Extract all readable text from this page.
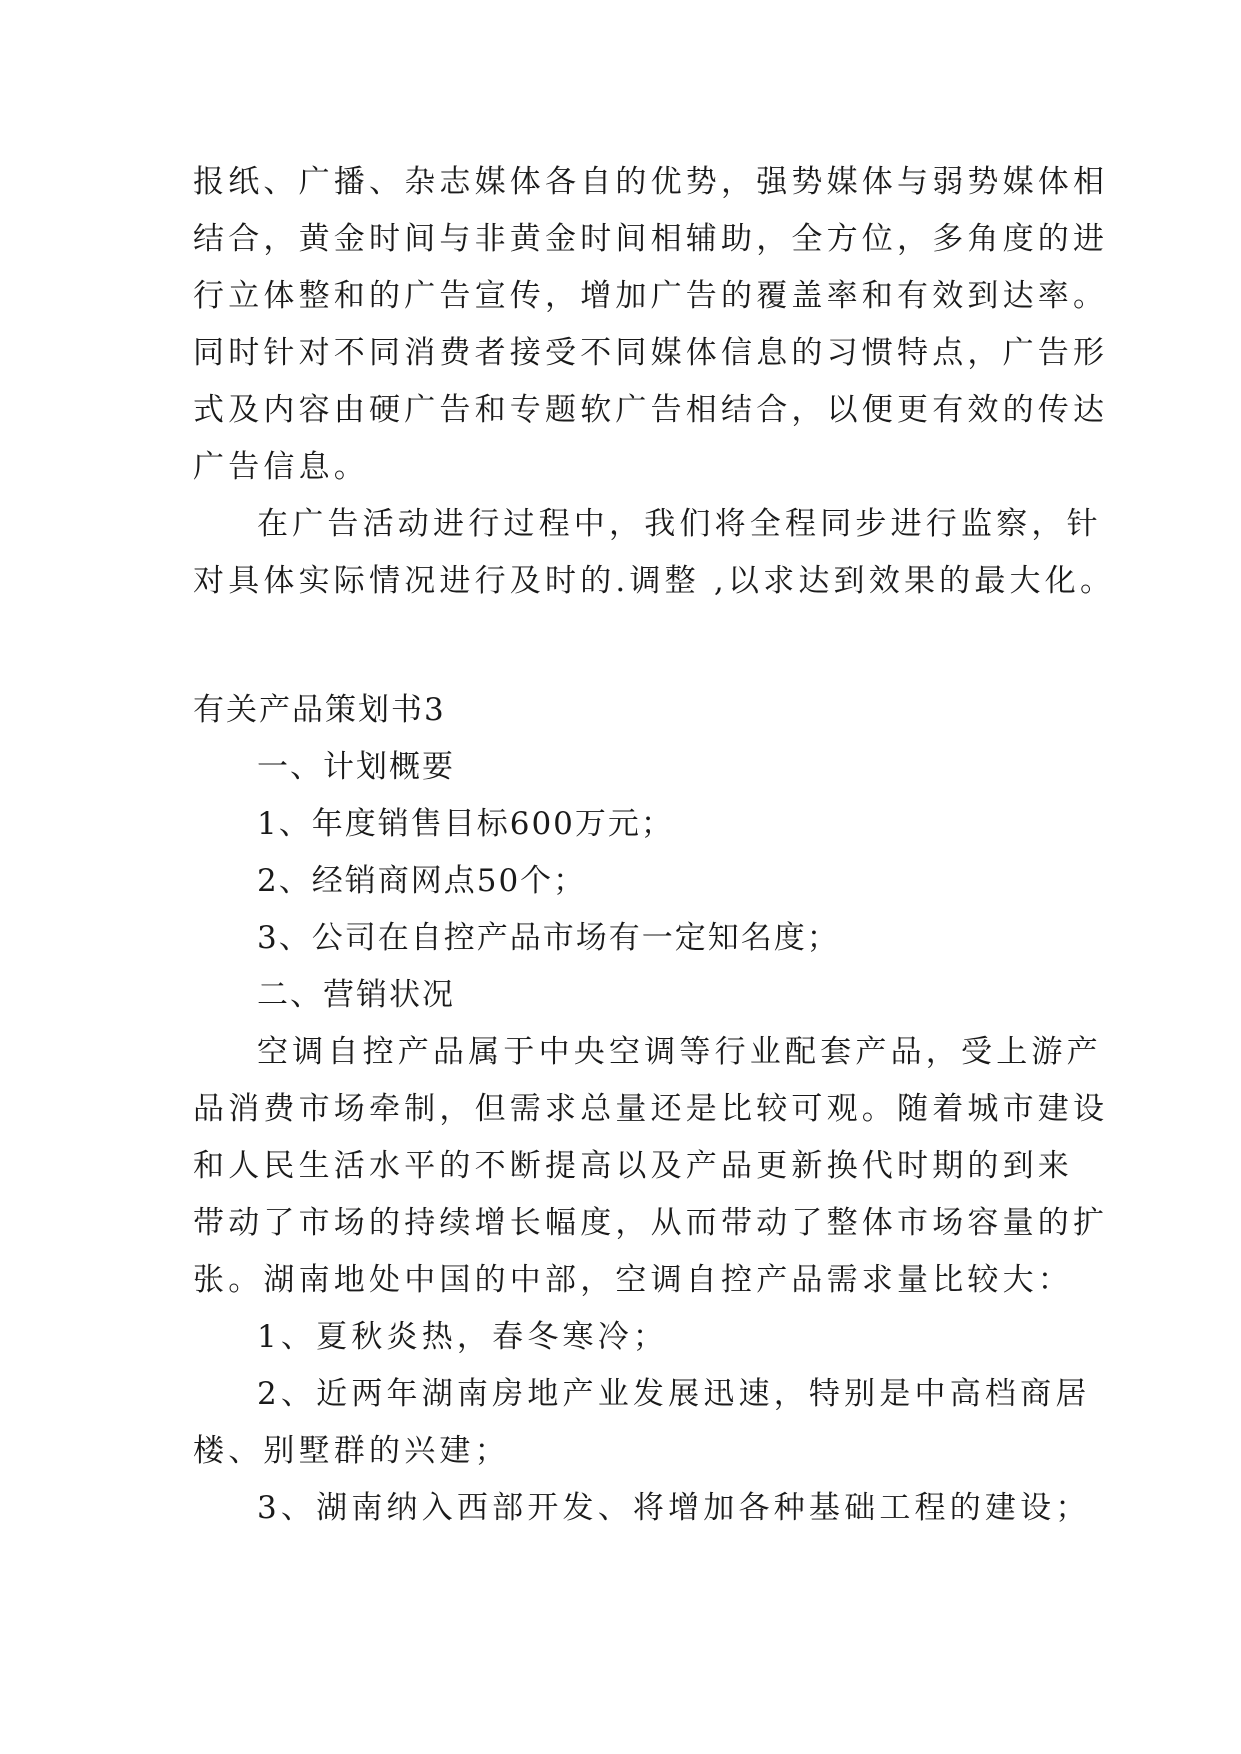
报纸、广播、杂志媒体各自的优势，强势媒体与弱势媒体相
结合，黄金时间与非黄金时间相辅助，全方位，多角度的进
行立体整和的广告宣传，增加广告的覆盖率和有效到达率。
同时针对不同消费者接受不同媒体信息的习惯特点，广告形
式及内容由硬广告和专题软广告相结合，以便更有效的传达
广告信息。
在广告活动进行过程中，我们将全程同步进行监察，针
对具体实际情况进行及时的.调整 ,以求达到效果的最大化。
有关产品策划书3
一、计划概要
1、年度销售目标600万元；
2、经销商网点50个；
3、公司在自控产品市场有一定知名度；
二、营销状况
空调自控产品属于中央空调等行业配套产品，受上游产
品消费市场牵制，但需求总量还是比较可观。随着城市建设
和人民生活水平的不断提高以及产品更新换代时期的到来
带动了市场的持续增长幅度，从而带动了整体市场容量的扩
张。湖南地处中国的中部，空调自控产品需求量比较大：
1、夏秋炎热，春冬寒冷；
2、近两年湖南房地产业发展迅速，特别是中高档商居
楼、别墅群的兴建；
3、湖南纳入西部开发、将增加各种基础工程的建设；
